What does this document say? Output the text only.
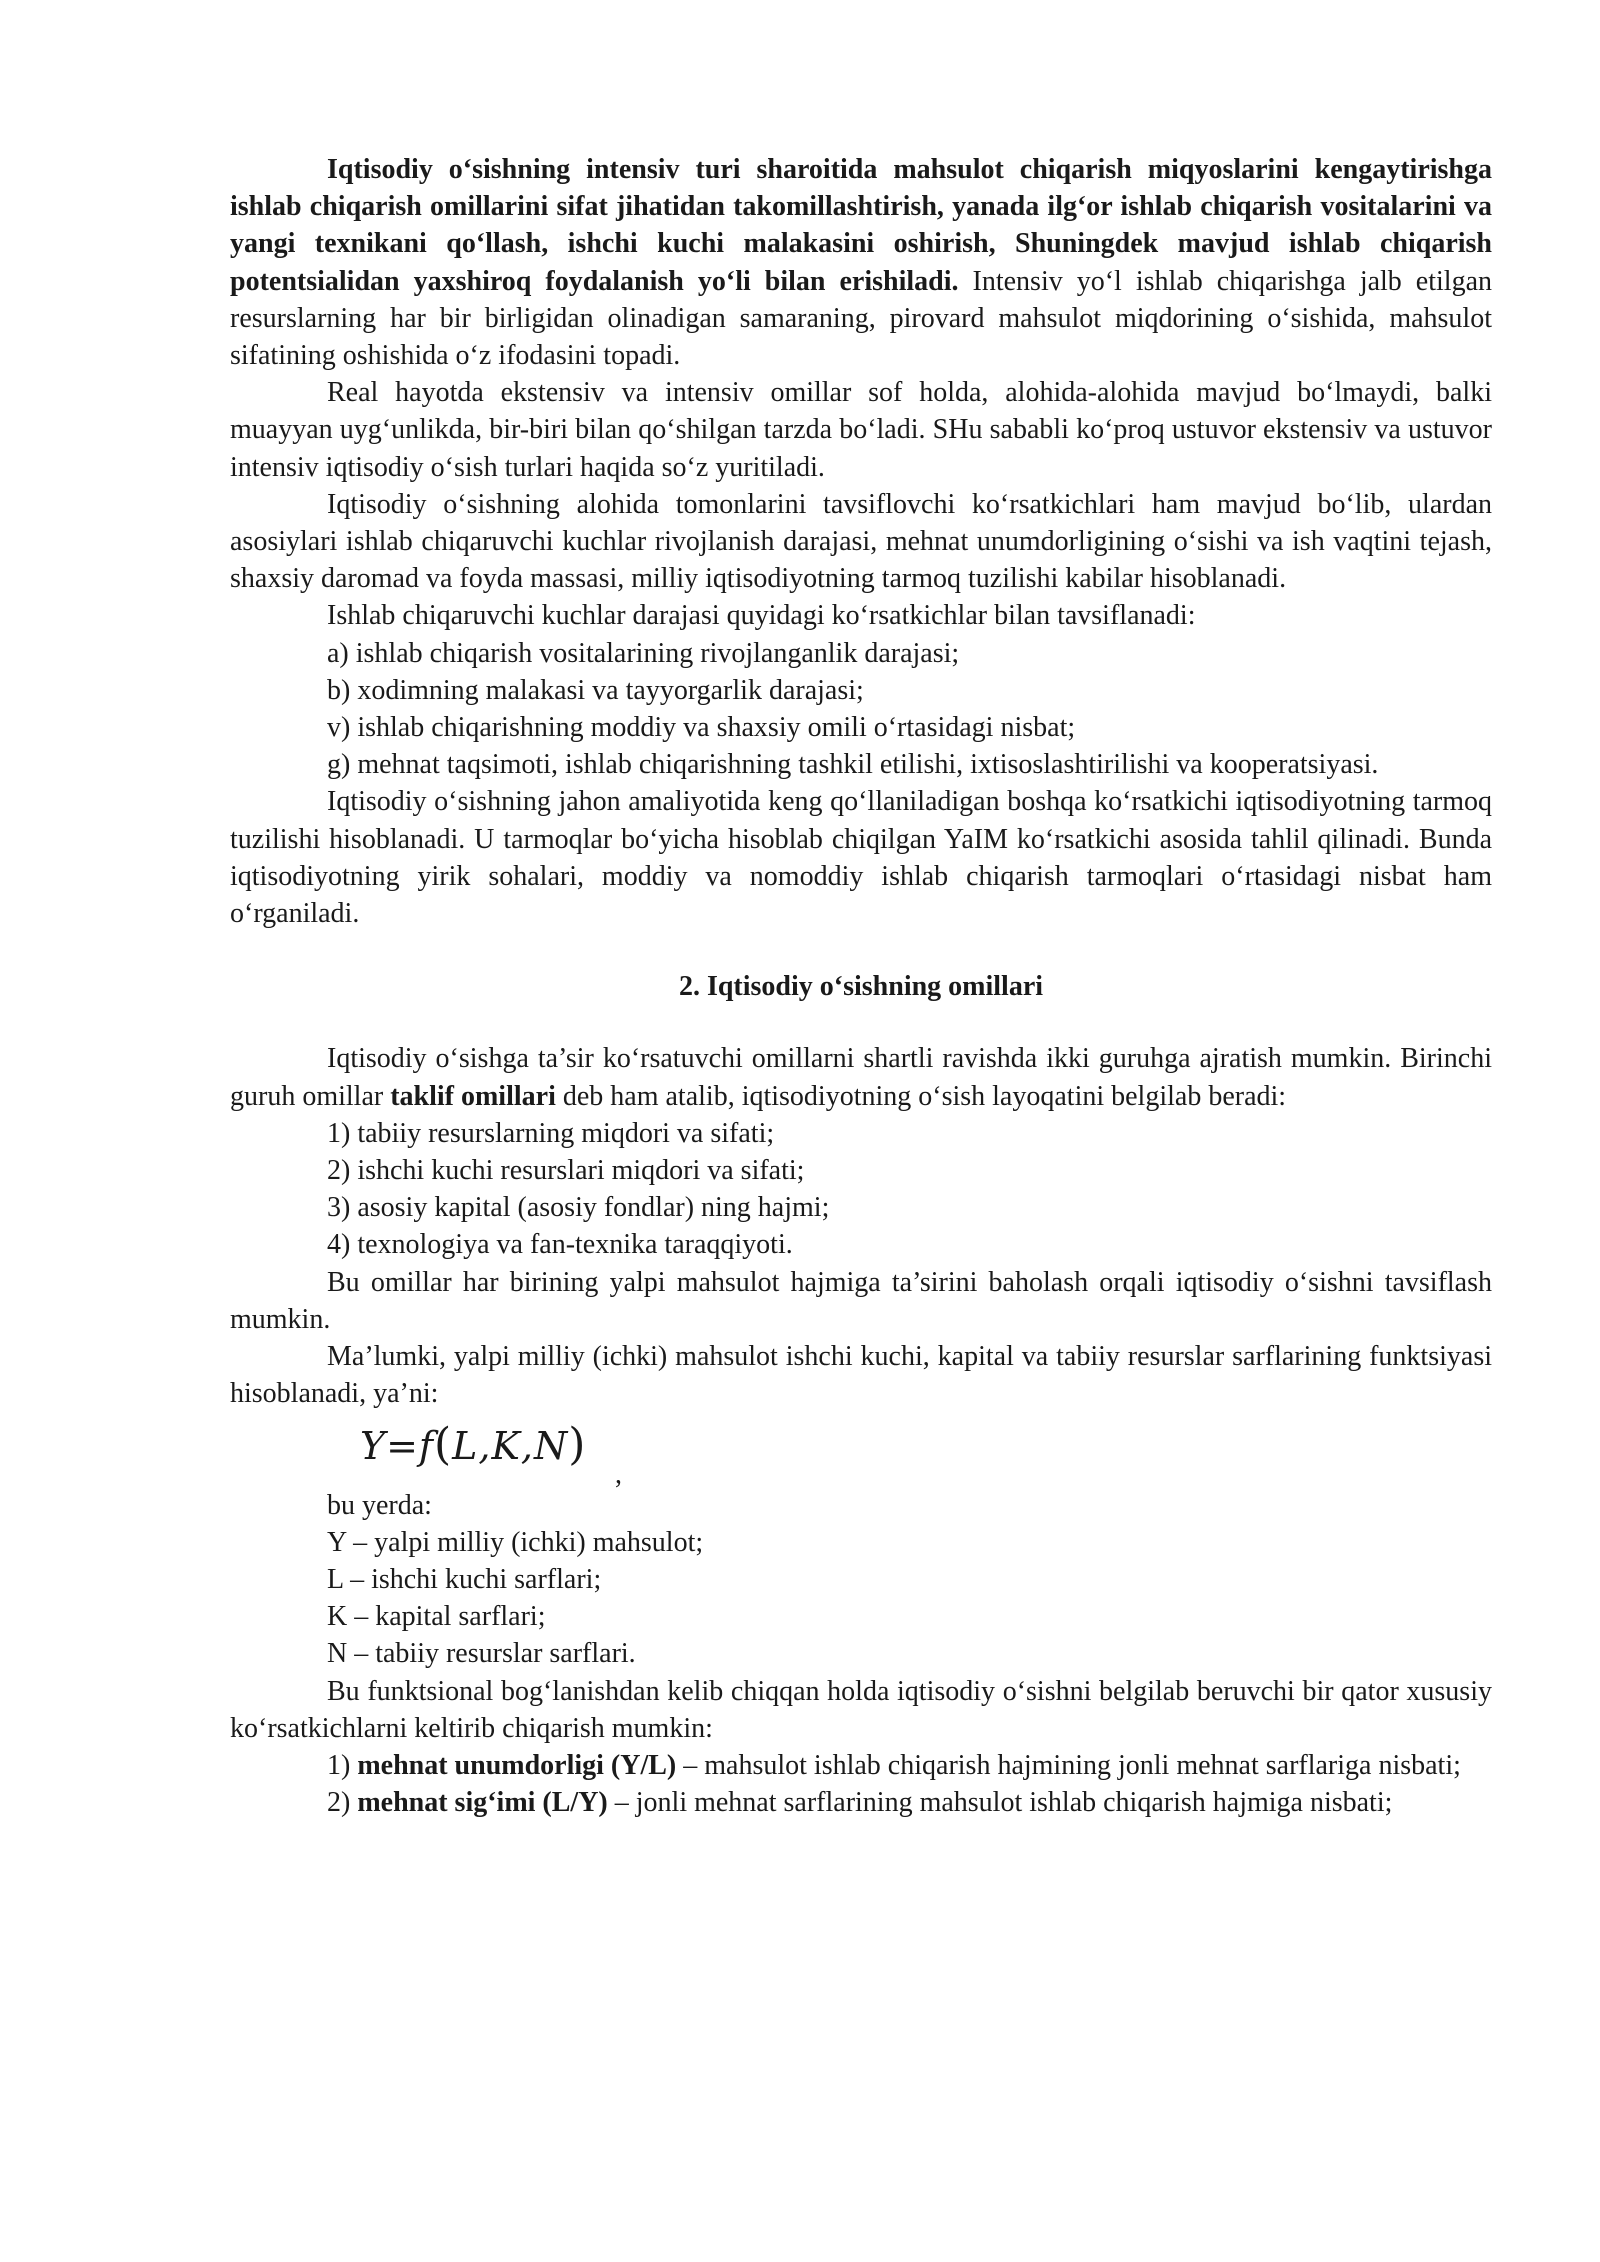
Iqtisodiy o‘sishning intensiv turi sharoitida mahsulot chiqarish miqyoslarini kengaytirishga ishlab chiqarish omillarini sifat jihatidan takomillashtirish, yanada ilg‘or ishlab chiqarish vositalarini va yangi texnikani qo‘llash, ishchi kuchi malakasini oshirish, Shuningdek mavjud ishlab chiqarish potentsialidan yaxshiroq foydalanish yo‘li bilan erishiladi. Intensiv yo‘l ishlab chiqarishga jalb etilgan resurslarning har bir birligidan olinadigan samaraning, pirovard mahsulot miqdorining o‘sishida, mahsulot sifatining oshishida o‘z ifodasini topadi.

Real hayotda ekstensiv va intensiv omillar sof holda, alohida-alohida mavjud bo‘lmaydi, balki muayyan uyg‘unlikda, bir-biri bilan qo‘shilgan tarzda bo‘ladi. SHu sababli ko‘proq ustuvor ekstensiv va ustuvor intensiv iqtisodiy o‘sish turlari haqida so‘z yuritiladi.

Iqtisodiy o‘sishning alohida tomonlarini tavsiflovchi ko‘rsatkichlari ham mavjud bo‘lib, ulardan asosiylari ishlab chiqaruvchi kuchlar rivojlanish darajasi, mehnat unumdorligining o‘sishi va ish vaqtini tejash, shaxsiy daromad va foyda massasi, milliy iqtisodiyotning tarmoq tuzilishi kabilar hisoblanadi.

Ishlab chiqaruvchi kuchlar darajasi quyidagi ko‘rsatkichlar bilan tavsiflanadi:

a) ishlab chiqarish vositalarining rivojlanganlik darajasi;

b) xodimning malakasi va tayyorgarlik darajasi;

v) ishlab chiqarishning moddiy va shaxsiy omili o‘rtasidagi nisbat;

g) mehnat taqsimoti, ishlab chiqarishning tashkil etilishi, ixtisoslashtirilishi va kooperatsiyasi.

Iqtisodiy o‘sishning jahon amaliyotida keng qo‘llaniladigan boshqa ko‘rsatkichi iqtisodiyotning tarmoq tuzilishi hisoblanadi. U tarmoqlar bo‘yicha hisoblab chiqilgan YaIM ko‘rsatkichi asosida tahlil qilinadi. Bunda iqtisodiyotning yirik sohalari, moddiy va nomoddiy ishlab chiqarish tarmoqlari o‘rtasidagi nisbat ham o‘rganiladi.

2. Iqtisodiy o‘sishning omillari

Iqtisodiy o‘sishga ta’sir ko‘rsatuvchi omillarni shartli ravishda ikki guruhga ajratish mumkin. Birinchi guruh omillar taklif omillari deb ham atalib, iqtisodiyotning o‘sish layoqatini belgilab beradi:

1) tabiiy resurslarning miqdori va sifati;

2) ishchi kuchi resurslari miqdori va sifati;

3) asosiy kapital (asosiy fondlar) ning hajmi;

4) texnologiya va fan-texnika taraqqiyoti.

Bu omillar har birining yalpi mahsulot hajmiga ta’sirini baholash orqali iqtisodiy o‘sishni tavsiflash mumkin.

Ma’lumki, yalpi milliy (ichki) mahsulot ishchi kuchi, kapital va tabiiy resurslar sarflarining funktsiyasi hisoblanadi, ya’ni:

Y=f(L,K,N)
,

bu yerda:

Y – yalpi milliy (ichki) mahsulot;

L – ishchi kuchi sarflari;

K – kapital sarflari;

N – tabiiy resurslar sarflari.

Bu funktsional bog‘lanishdan kelib chiqqan holda iqtisodiy o‘sishni belgilab beruvchi bir qator xususiy ko‘rsatkichlarni keltirib chiqarish mumkin:

1) mehnat unumdorligi (Y/L) – mahsulot ishlab chiqarish hajmining jonli mehnat sarflariga nisbati;

2) mehnat sig‘imi (L/Y) – jonli mehnat sarflarining mahsulot ishlab chiqarish hajmiga nisbati;
